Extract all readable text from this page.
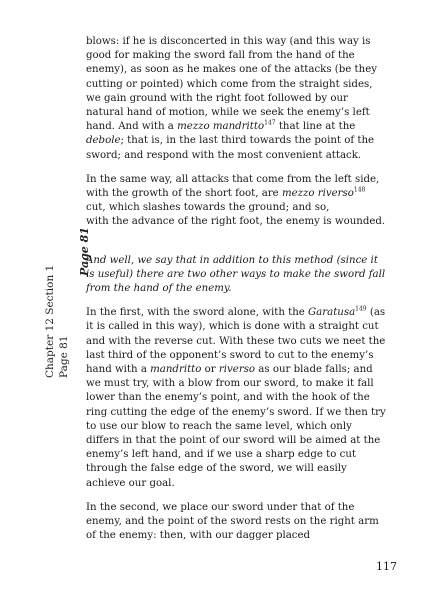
Chapter 12 Section 1 Page 81
Page 81

blows: if he is disconcerted in this way (and this way is good for making the sword fall from the hand of the enemy), as soon as he makes one of the attacks (be they cutting or pointed) which come from the straight sides, we gain ground with the right foot followed by our natural hand of motion, while we seek the enemy’s left hand. And with a mezzo mandritto$^{147}$ that line at the debole; that is, in the last third towards the point of the sword; and respond with the most convenient attack.

In the same way, all attacks that come from the left side, with the growth of the short foot, are mezzo riverso$^{148}$ cut, which slashes towards the ground; and so,
with the advance of the right foot, the enemy is wounded.

And well, we say that in addition to this method (since it is useful) there are two other ways to make the sword fall from the hand of the enemy.

In the first, with the sword alone, with the Garatusa$^{149}$ (as it is called in this way), which is done with a straight cut and with the reverse cut. With these two cuts we neet the last third of the opponent’s sword to cut to the enemy’s hand with a mandritto or riverso as our blade falls; and we must try, with a blow from our sword, to make it fall lower than the enemy’s point, and with the hook of the ring cutting the edge of the enemy’s sword. If we then try to use our blow to reach the same level, which only differs in that the point of our sword will be aimed at the enemy’s left hand, and if we use a sharp edge to cut through the false edge of the sword, we will easily achieve our goal.

In the second, we place our sword under that of the enemy, and the point of the sword rests on the right arm of the enemy: then, with our dagger placed

117
